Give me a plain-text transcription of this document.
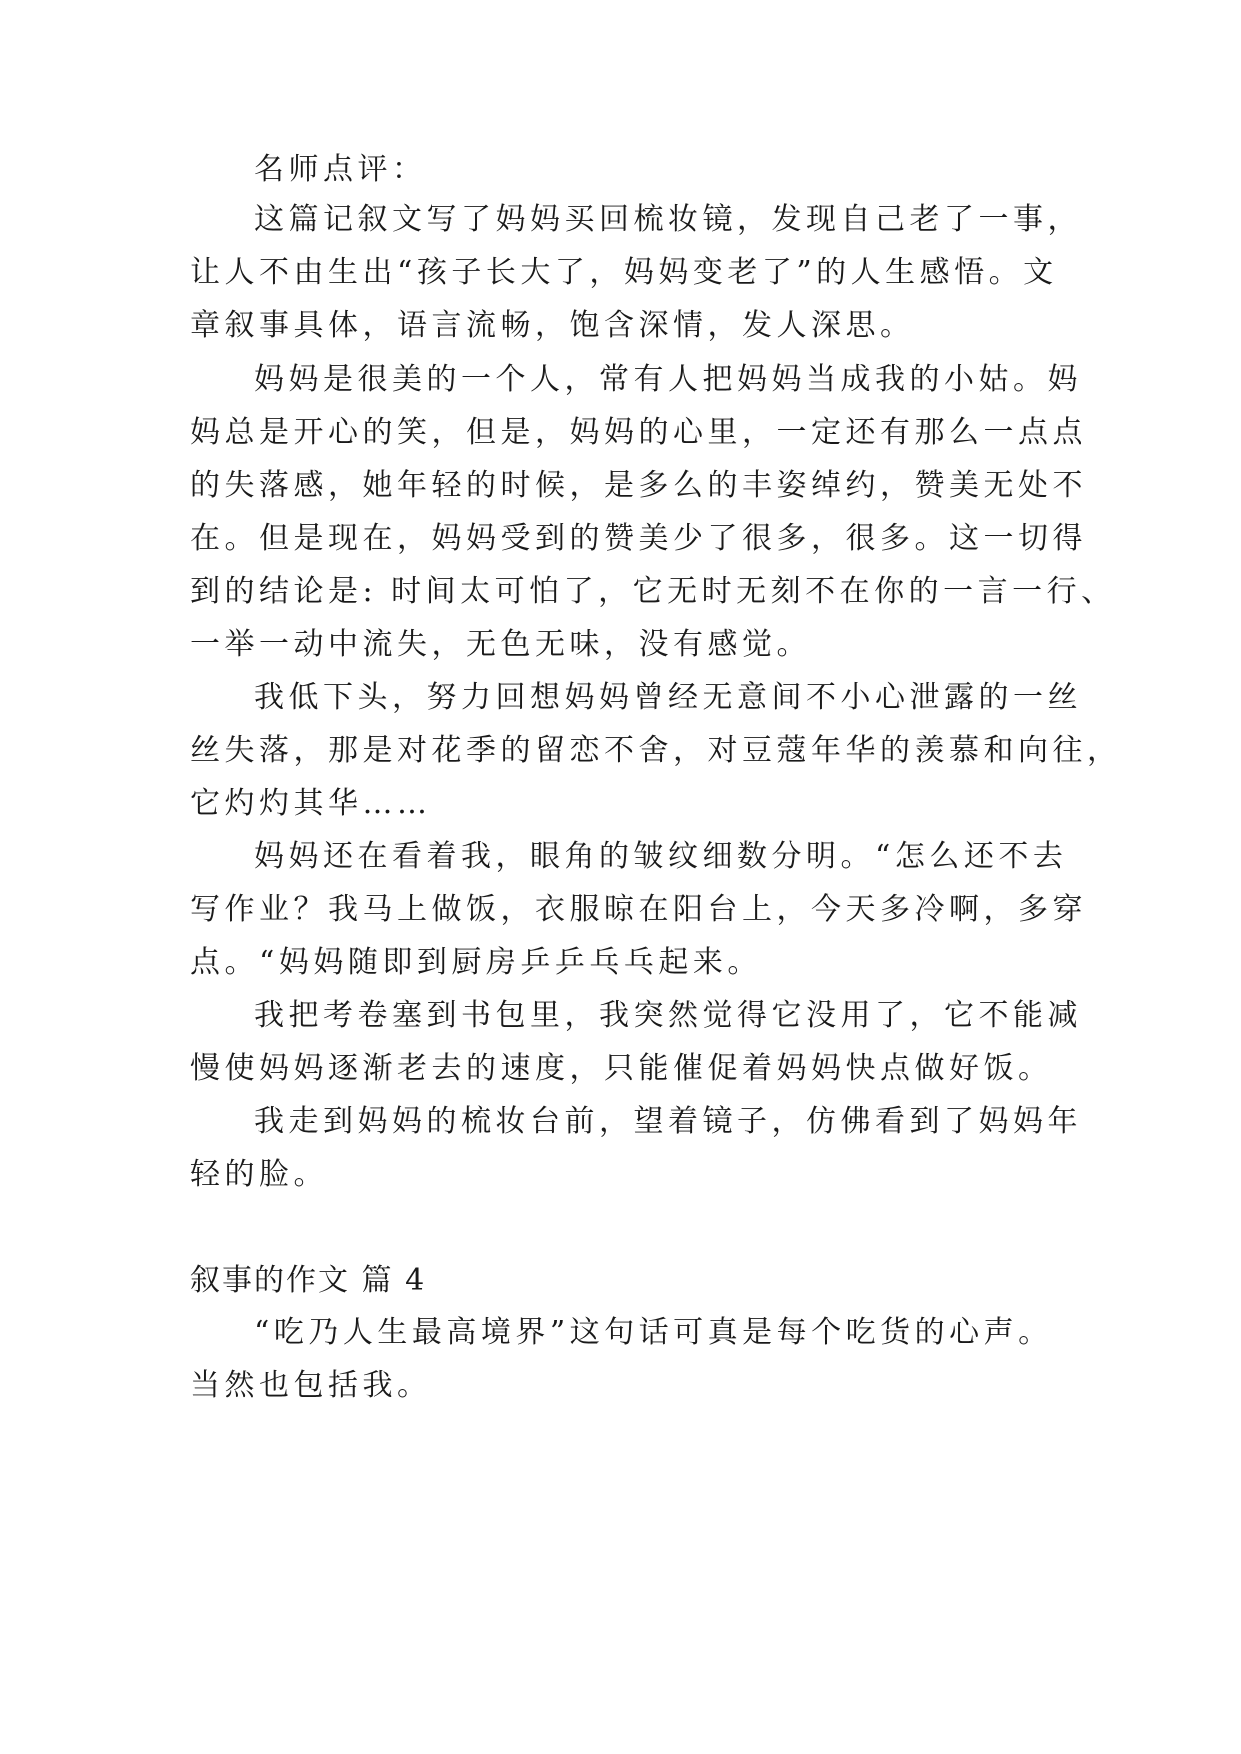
名师点评：
这篇记叙文写了妈妈买回梳妆镜，发现自己老了一事，
让人不由生出“孩子长大了，妈妈变老了”的人生感悟。文
章叙事具体，语言流畅，饱含深情，发人深思。
妈妈是很美的一个人，常有人把妈妈当成我的小姑。妈
妈总是开心的笑，但是，妈妈的心里，一定还有那么一点点
的失落感，她年轻的时候，是多么的丰姿绰约，赞美无处不
在。但是现在，妈妈受到的赞美少了很多，很多。这一切得
到的结论是: 时间太可怕了，它无时无刻不在你的一言一行、
一举一动中流失，无色无味，没有感觉。
我低下头，努力回想妈妈曾经无意间不小心泄露的一丝
丝失落，那是对花季的留恋不舍，对豆蔻年华的羡慕和向往，
它灼灼其华……
妈妈还在看着我，眼角的皱纹细数分明。“怎么还不去
写作业？我马上做饭，衣服晾在阳台上，今天多冷啊，多穿
点。“妈妈随即到厨房乒乒乓乓起来。
我把考卷塞到书包里，我突然觉得它没用了，它不能减
慢使妈妈逐渐老去的速度，只能催促着妈妈快点做好饭。
我走到妈妈的梳妆台前，望着镜子，仿佛看到了妈妈年
轻的脸。
叙事的作文 篇 4
“吃乃人生最高境界”这句话可真是每个吃货的心声。
当然也包括我。
